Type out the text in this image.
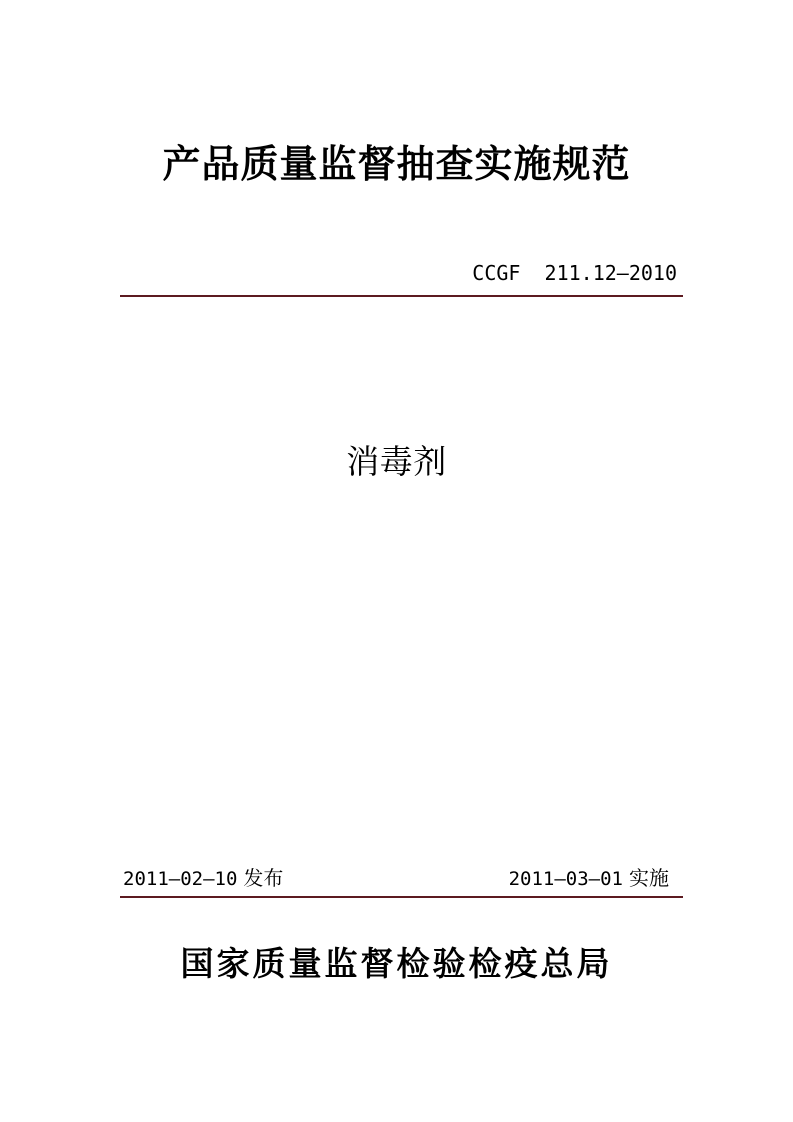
产品质量监督抽查实施规范
CCGF  211.12—2010
消毒剂
2011—02—10 发布	2011—03—01 实施
国家质量监督检验检疫总局
